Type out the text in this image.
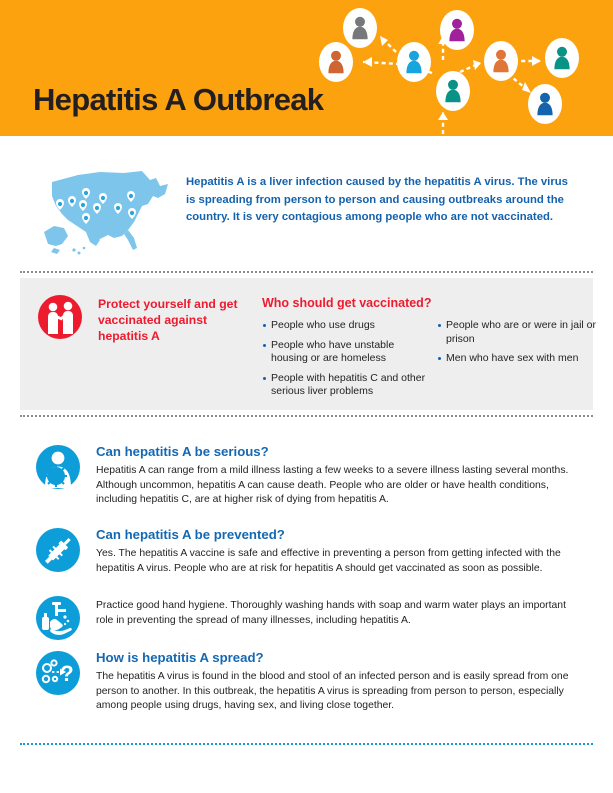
Hepatitis A Outbreak
Hepatitis A is a liver infection caused by the hepatitis A virus. The virus is spreading from person to person and causing outbreaks around the country. It is very contagious among people who are not vaccinated.
Protect yourself and get vaccinated against hepatitis A
Who should get vaccinated?
People who use drugs
People who have unstable housing or are homeless
People with hepatitis C and other serious liver problems
People who are or were in jail or prison
Men who have sex with men
Can hepatitis A be serious?
Hepatitis A can range from a mild illness lasting a few weeks to a severe illness lasting several months. Although uncommon, hepatitis A can cause death. People who are older or have health conditions, including hepatitis C, are at higher risk of dying from hepatitis A.
Can hepatitis A be prevented?
Yes. The hepatitis A vaccine is safe and effective in preventing a person from getting infected with the hepatitis A virus. People who are at risk for hepatitis A should get vaccinated as soon as possible.
Practice good hand hygiene. Thoroughly washing hands with soap and warm water plays an important role in preventing the spread of many illnesses, including hepatitis A.
?
How is hepatitis A spread?
The hepatitis A virus is found in the blood and stool of an infected person and is easily spread from one person to another. In this outbreak, the hepatitis A virus is spreading from person to person, especially among people using drugs, having sex, and living close together.
